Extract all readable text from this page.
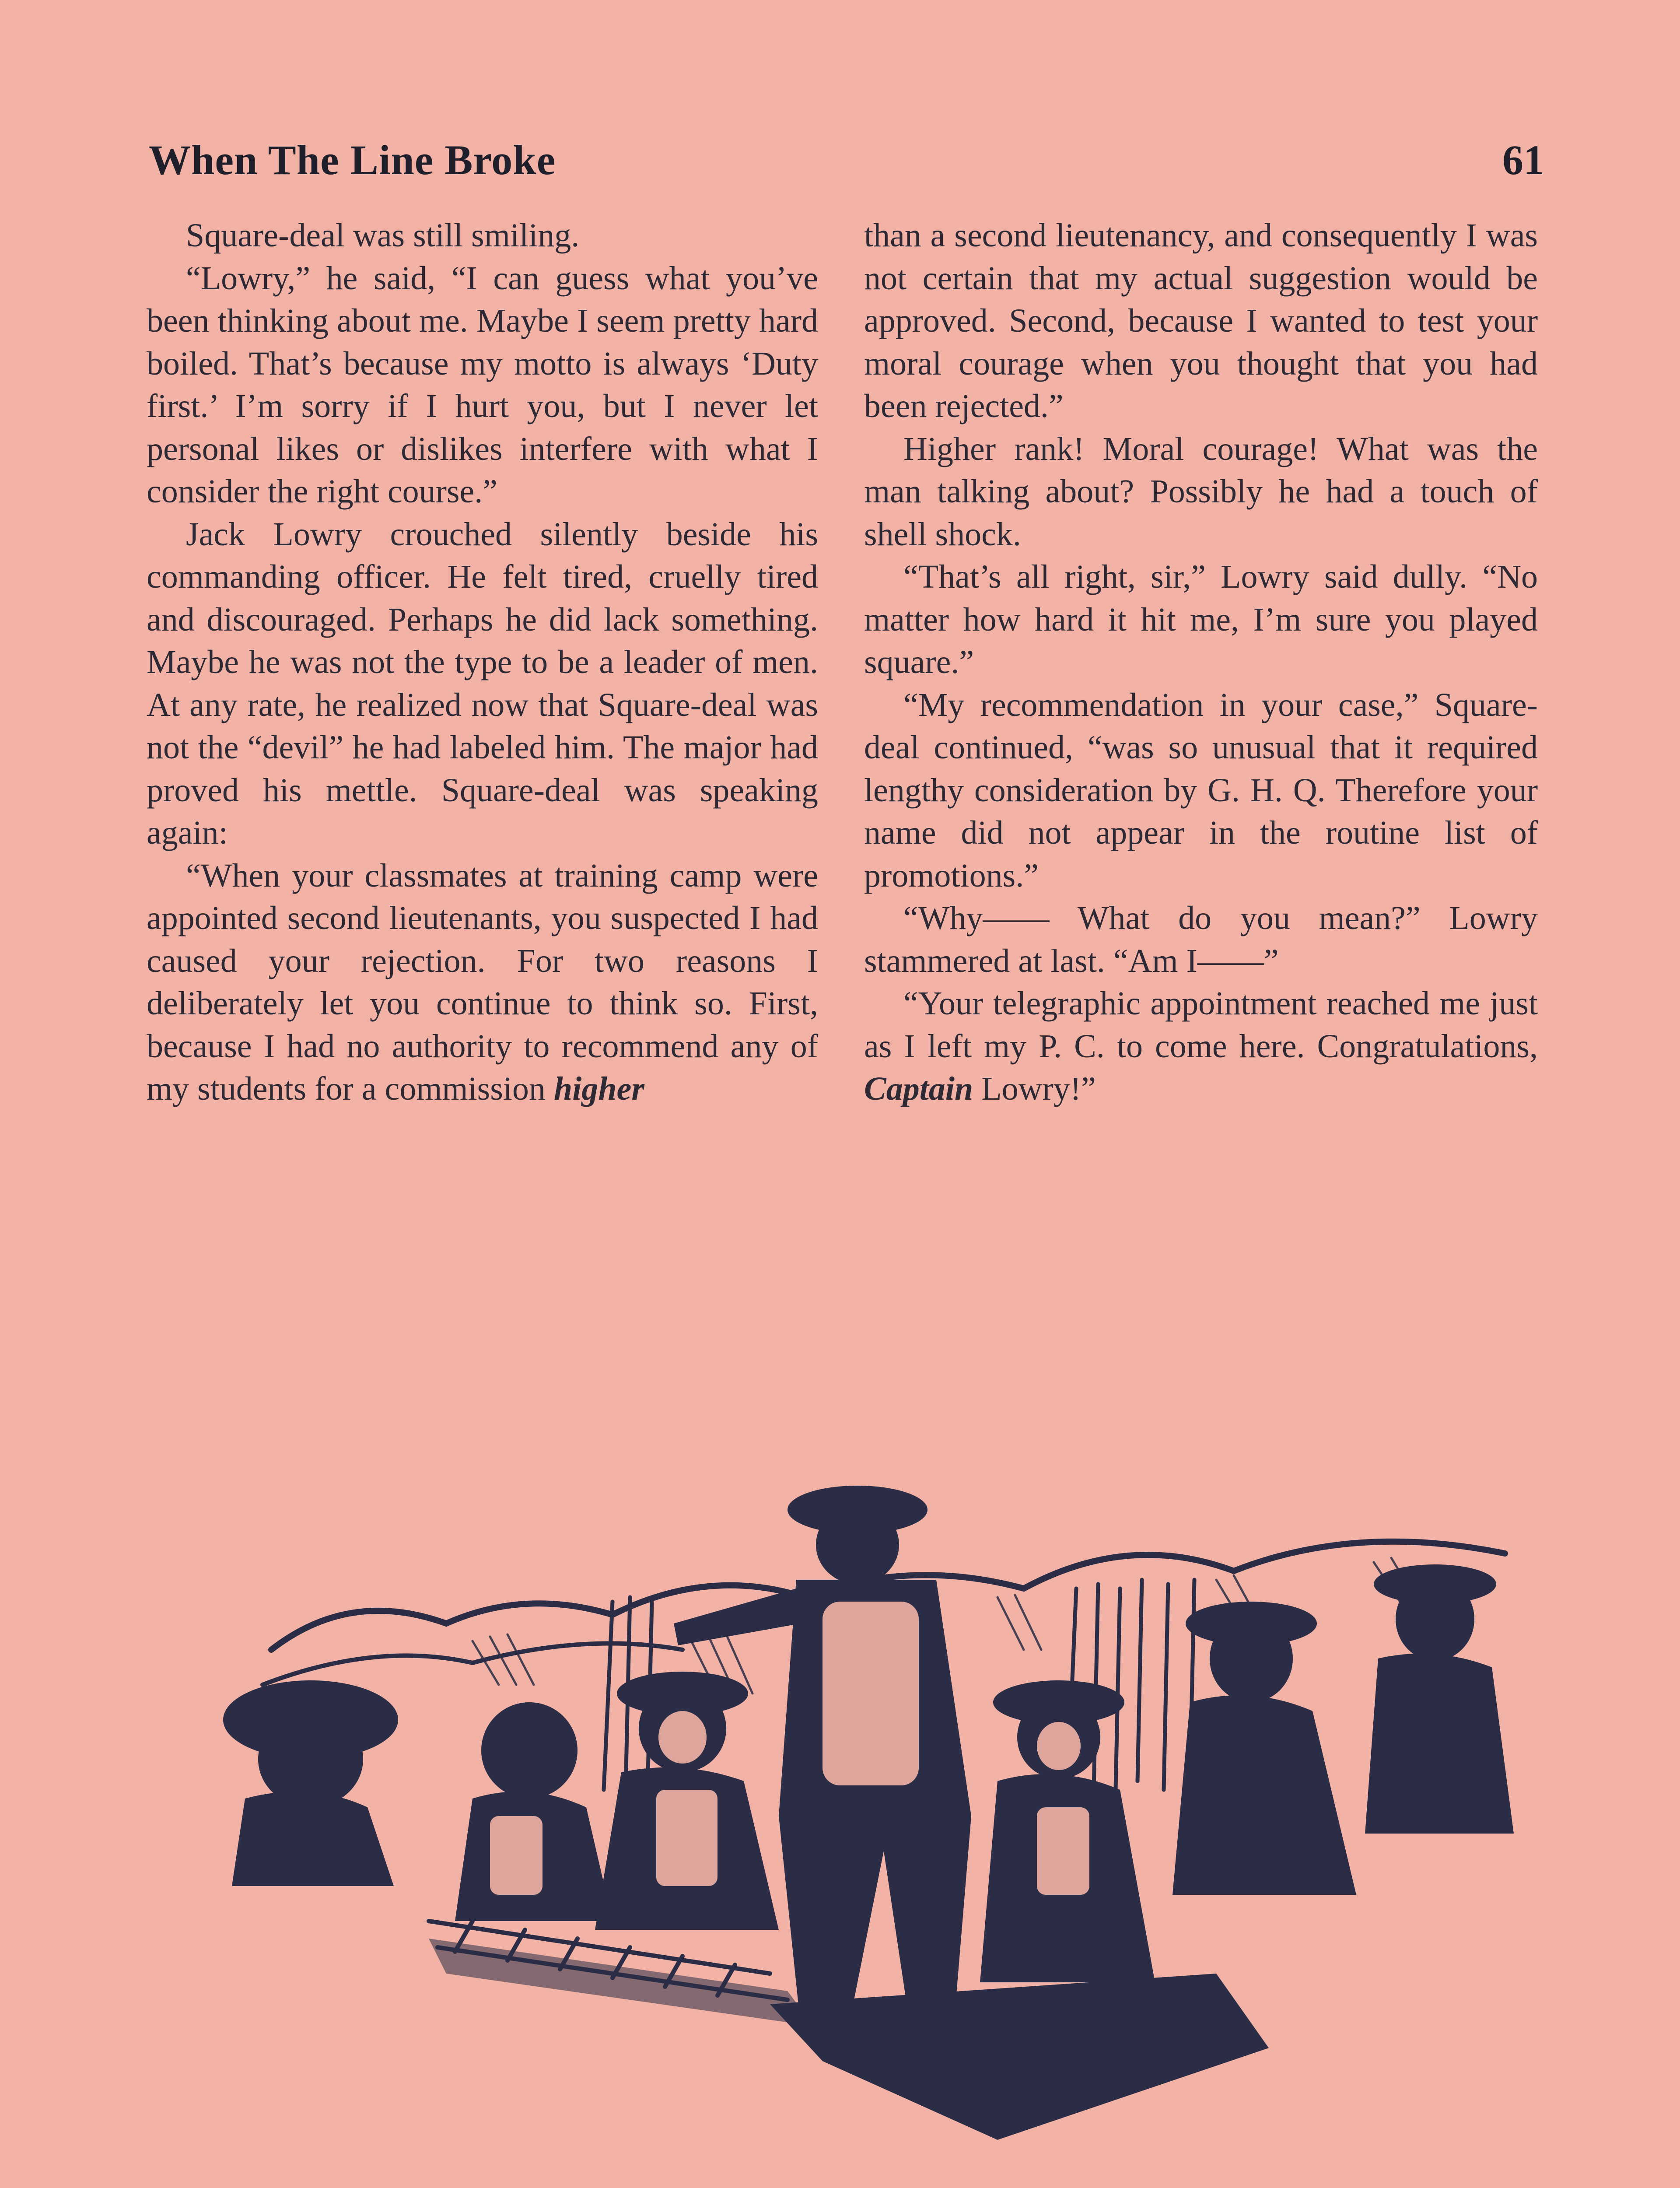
When The Line Broke	61

Square-deal was still smiling.

“Lowry,” he said, “I can guess what you’ve been thinking about me. Maybe I seem pretty hard boiled. That’s because my motto is always ‘Duty first.’ I’m sorry if I hurt you, but I never let personal likes or dislikes interfere with what I consider the right course.”

Jack Lowry crouched silently beside his commanding officer. He felt tired, cruelly tired and discouraged. Perhaps he did lack something. Maybe he was not the type to be a leader of men. At any rate, he realized now that Square-deal was not the “devil” he had labeled him. The major had proved his mettle. Square-deal was speaking again:

“When your classmates at training camp were appointed second lieutenants, you suspected I had caused your rejection. For two reasons I deliberately let you continue to think so. First, because I had no authority to recommend any of my students for a commission higher

than a second lieutenancy, and consequently I was not certain that my actual suggestion would be approved. Second, because I wanted to test your moral courage when you thought that you had been rejected.”

Higher rank! Moral courage! What was the man talking about? Possibly he had a touch of shell shock.

“That’s all right, sir,” Lowry said dully. “No matter how hard it hit me, I’m sure you played square.”

“My recommendation in your case,” Square-deal continued, “was so unusual that it required lengthy consideration by G. H. Q. Therefore your name did not appear in the routine list of promotions.”

“Why—— What do you mean?” Lowry stammered at last. “Am I——”

“Your telegraphic appointment reached me just as I left my P. C. to come here. Congratulations, Captain Lowry!”
